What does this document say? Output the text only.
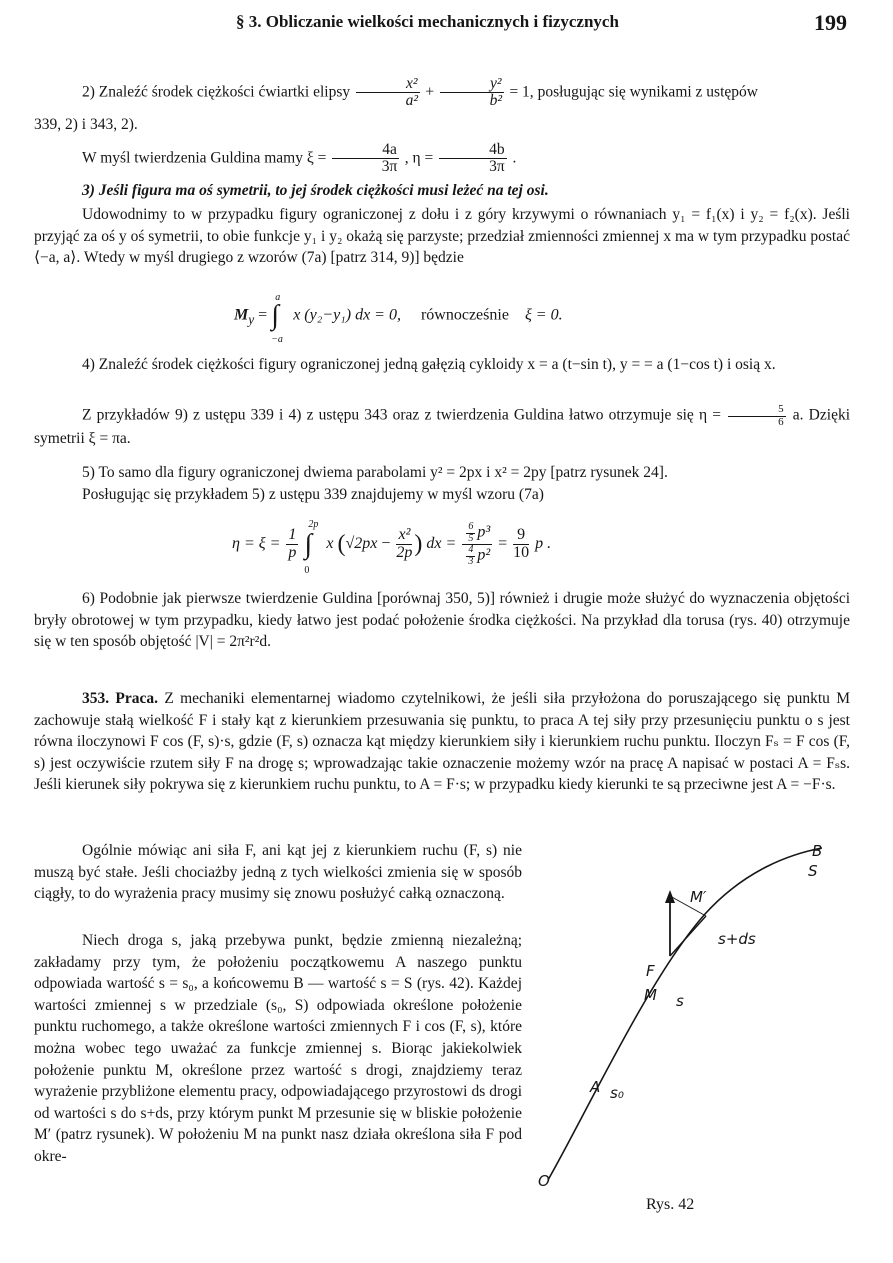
§ 3. Obliczanie wielkości mechanicznych i fizycznych	199
2) Znaleźć środek ciężkości ćwiartki elipsy $\frac{\text{x²}}{\text{a²}} + \frac{\text{y²}}{\text{b²}} = 1$, posługując się wynikami z ustępów
339, 2) i 343, 2).
W myśl twierdzenia Guldina mamy $\xi = \frac{4a}{3\pi}$ , $\eta = \frac{4b}{3\pi}$ .
3) Jeśli figura ma oś symetrii, to jej środek ciężkości musi leżeć na tej osi.
Udowodnimy to w przypadku figury ograniczonej z dołu i z góry krzywymi o równaniach y₁ = f₁(x) i y₂ = f₂(x). Jeśli przyjąć za oś y oś symetrii, to obie funkcje y₁ i y₂ okażą się parzyste; przedział zmienności zmiennej x ma w tym przypadku postać ⟨−a, a⟩. Wtedy w myśl drugiego z wzorów (7a) [patrz 314, 9)] będzie
$M_y$ = ∫
a
−a
x (y₂−y₁) dx = 0, równocześnie ξ = 0.
4) Znaleźć środek ciężkości figury ograniczonej jedną gałęzią cykloidy x = a (t−sin t), y = = a (1−cos t) i osią x.
Z przykładów 9) z ustępu 339 i 4) z ustępu 343 oraz z twierdzenia Guldina łatwo otrzymuje się $\eta = \frac{5}{6} a$. Dzięki symetrii ξ = πa.
5) To samo dla figury ograniczonej dwiema parabolami y² = 2px i x² = 2py [patrz rysunek 24].
Posługując się przykładem 5) z ustępu 339 znajdujemy w myśl wzoru (7a)
$\eta = \xi = \frac{1}{p}$ ∫
2p
0
x ($√2px - \frac{\text{x²}}{2p}$ ) dx = $\frac{\frac{6}{5} p^3}{\frac{4}{3} p^2} = \frac{9}{10}$ p .
6) Podobnie jak pierwsze twierdzenie Guldina [porównaj 350, 5)] również i drugie może służyć do wyznaczenia objętości bryły obrotowej w tym przypadku, kiedy łatwo jest podać położenie środka ciężkości. Na przykład dla torusa (rys. 40) otrzymuje się w ten sposób objętość |V| = 2π²r²d.
353. Praca. Z mechaniki elementarnej wiadomo czytelnikowi, że jeśli siła przyłożona do poruszającego się punktu M zachowuje stałą wielkość F i stały kąt z kierunkiem przesuwania się punktu, to praca A tej siły przy przesunięciu punktu o s jest równa iloczynowi F cos (F, s)·s, gdzie (F, s) oznacza kąt między kierunkiem siły i kierunkiem ruchu punktu. Iloczyn Fₛ = F cos (F, s) jest oczywiście rzutem siły F na drogę s; wprowadzając takie oznaczenie możemy wzór na pracę A napisać w postaci A = Fₛs. Jeśli kierunek siły pokrywa się z kierunkiem ruchu punktu, to A = F·s; w przypadku kiedy kierunki te są przeciwne jest A = −F·s.
Ogólnie mówiąc ani siła F, ani kąt jej z kierunkiem ruchu (F, s) nie muszą być stałe. Jeśli chociażby jedną z tych wielkości zmienia się w sposób ciągły, to do wyrażenia pracy musimy się znowu posłużyć całką oznaczoną.
Niech droga s, jaką przebywa punkt, będzie zmienną niezależną; zakładamy przy tym, że położeniu początkowemu A naszego punktu odpowiada wartość s = s₀, a końcowemu B — wartość s = S (rys. 42). Każdej wartości zmiennej s w przedziale (s₀, S) odpowiada określone położenie punktu ruchomego, a także określone wartości zmiennych F i cos (F, s), które można wobec tego uważać za funkcje zmiennej s. Biorąc jakiekolwiek położenie punktu M, określone przez wartość s drogi, znajdziemy teraz wyrażenie przybliżone elementu pracy, odpowiadającego przyrostowi ds drogi od wartości s do s+ds, przy którym punkt M przesunie się w bliskie położenie M′ (patrz rysunek). W położeniu M na punkt nasz działa określona siła F pod okre-
B
S
M′
s+ds
F
M s
A s₀
O
Rys. 42
